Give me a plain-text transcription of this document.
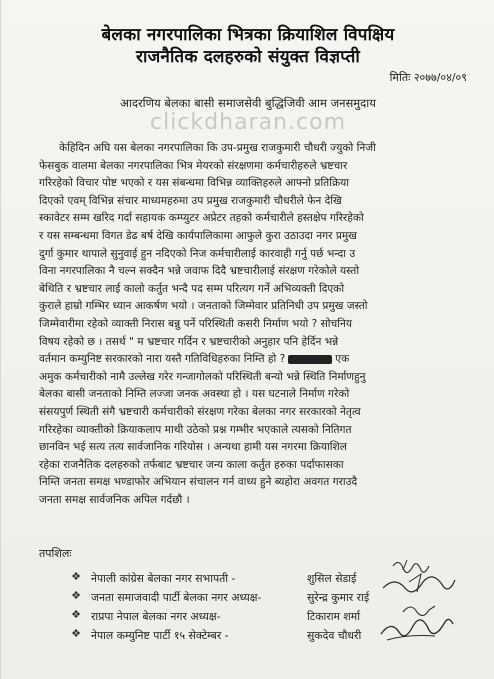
बेलका नगरपालिका भित्रका क्रियाशिल विपक्षिय
राजनैतिक दलहरुको संयुक्त विज्ञप्ती
मितिः २०७७/०४/०९
आदरणिय बेलका बासी समाजसेवी बुद्धिजिवी आम जनसमुदाय
clickdharan.com
केहिदिन अघि यस बेलका नगरपालिका कि उप-प्रमुख राजकुमारी चौधरी ज्युको निजी
फेसबुक वालमा बेलका नगरपालिका भित्र मेयरको संरक्षणमा कर्मचारीहरुले भ्रष्टचार
गरिरहेको विचार पोष्ट भएको र यस संबन्धमा विभिन्न व्याक्तिहरुले आफ्नो प्रतिक्रिया
दिएको एवम् विभिन्न संचार माध्यमहरुमा उप प्रमुख राजकुमारी चौधरीले फेन देखि
स्कावेटर सम्म खरिद गर्दा सहायक कम्प्युटर अप्रेटर तहको कर्मचारीले हस्तक्षेप गरिरहेको
र यस सम्बन्धमा विगत डेढ बर्ष देखि कार्यपालिकामा आफुले कुरा उठाउदा नगर प्रमुख
दुर्गा कुमार थापाले सुनुवाई हुन नदिएको निज कर्मचारीलाई कारवाही गर्नु पर्छ भन्दा उ
विना नगरपालिका नै चल्न सक्दैन भन्ने जवाफ दिदै भ्रष्टचारीलाई संरक्षण गरेकोले यस्तो
बेथिति र भ्रष्टचार लाई कालो कर्तुत भन्दै पद सम्म परित्यग गर्ने अभिव्यक्ती दिएको
कुराले हाम्रो गम्भिर ध्यान आकर्षण भयो । जनताको जिम्मेवार प्रतिनिधी उप प्रमुख जस्तो
जिम्मेवारीमा रहेको व्याक्ती निरास बन्नु पर्ने परिस्थिती कसरी निर्माण भयो ? सोचनिय
विषय रहेको छ । तसर्थ " म भ्रष्टचार गर्दिन र भ्रष्टचारीको अनुहार पनि हेर्दिन भन्ने
वर्तमान कम्युनिष्ट सरकारको नारा यस्तै गतिविधिहरुका निम्ति हो ?	एक
अमुक कर्मचारीको नामै उल्लेख गरेर गन्जागोलको परिस्थिती बन्यो भन्ने स्थिति निर्माणहुनु
बेलका बासी जनताको निम्ति लज्जा जनक अवस्था हो । यस घटनाले निर्माण गरेको
संसयपुर्ण स्थिती संगै भ्रष्टचारी कर्मचारीको संरक्षण गरेका बेलका नगर सरकारको नेतृत्व
गरिरहेका व्याक्तीको क्रियाकलाप माथी उठेको प्रश्न गम्भीर भएकाले त्यसको नितिगत
छानविन भई सत्य तत्य सार्वजानिक गरियोस । अन्यथा हामी यस नगरमा क्रियाशिल
रहेका राजनैतिक दलहरुको तर्फबाट भ्रष्टचार जन्य काला कर्तुत हरुका पर्दाफासका
निम्ति जनता समक्ष भण्डाफोर अभियान संचालन गर्न वाध्य हुने ब्यहोरा अवगत गराउदै
जनता समक्ष सार्वजनिक अपिल गर्दछौ ।
तपशिलः
❖ नेपाली कांग्रेस बेलका नगर सभापती -	शुसिल सेडाई
❖ जनता समाजवादी पार्टी बेलका नगर अध्यक्ष-	सुरेन्द्र कुमार राई
❖ राप्रपा नेपाल बेलका नगर अध्यक्ष-	टिकाराम शर्मा
❖ नेपाल कम्युनिष्ट पार्टी १५ सेक्टेम्बर -	सुकदेव चौधरी
